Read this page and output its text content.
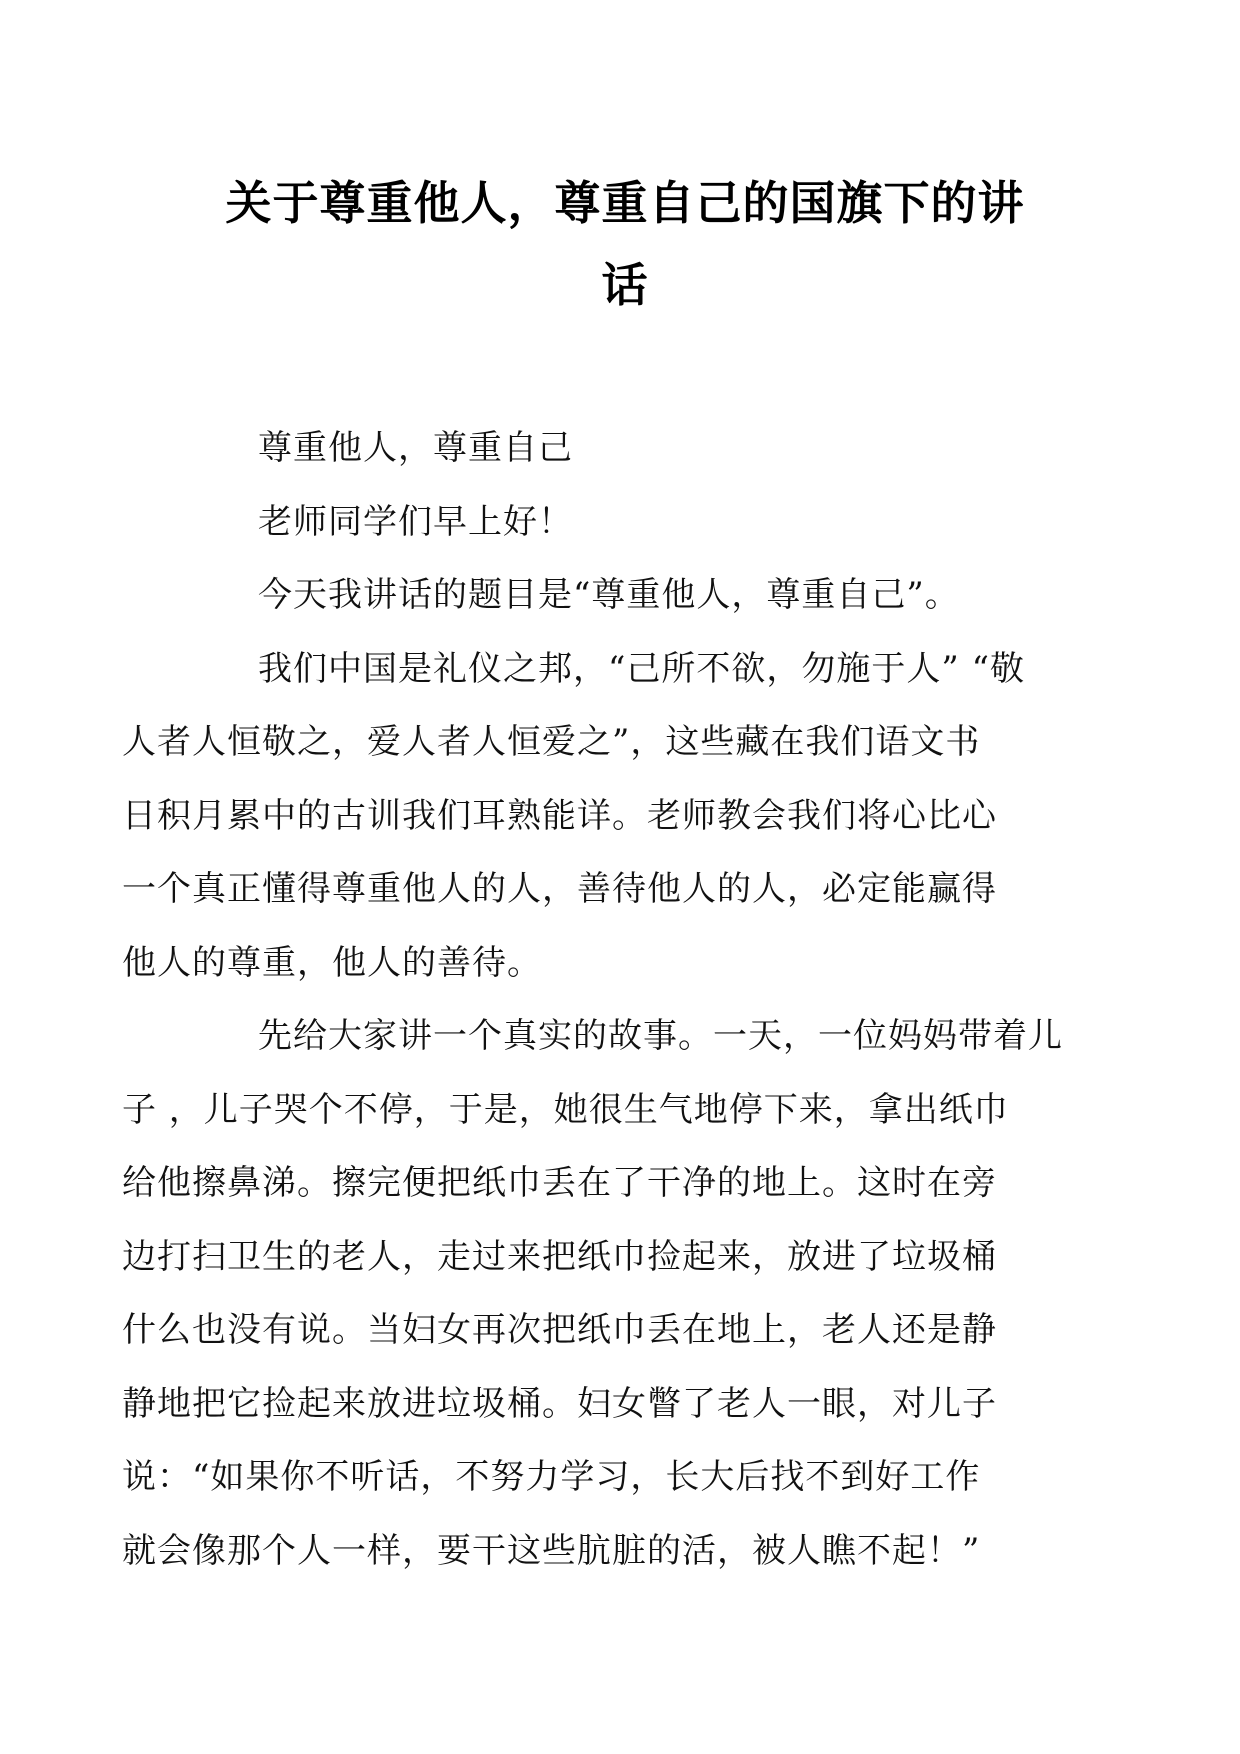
关于尊重他人，尊重自己的国旗下的讲
话

尊重他人，尊重自己

老师同学们早上好！

今天我讲话的题目是“尊重他人，尊重自己”。

我们中国是礼仪之邦，“己所不欲，勿施于人” “敬
人者人恒敬之，爱人者人恒爱之”，这些藏在我们语文书
日积月累中的古训我们耳熟能详。老师教会我们将心比心
一个真正懂得尊重他人的人，善待他人的人，必定能赢得
他人的尊重，他人的善待。

先给大家讲一个真实的故事。一天，一位妈妈带着儿
子 ，儿子哭个不停，于是，她很生气地停下来，拿出纸巾
给他擦鼻涕。擦完便把纸巾丢在了干净的地上。这时在旁
边打扫卫生的老人，走过来把纸巾捡起来，放进了垃圾桶
什么也没有说。当妇女再次把纸巾丢在地上，老人还是静
静地把它捡起来放进垃圾桶。妇女瞥了老人一眼，对儿子
说：“如果你不听话，不努力学习，长大后找不到好工作
就会像那个人一样，要干这些肮脏的活，被人瞧不起！”
